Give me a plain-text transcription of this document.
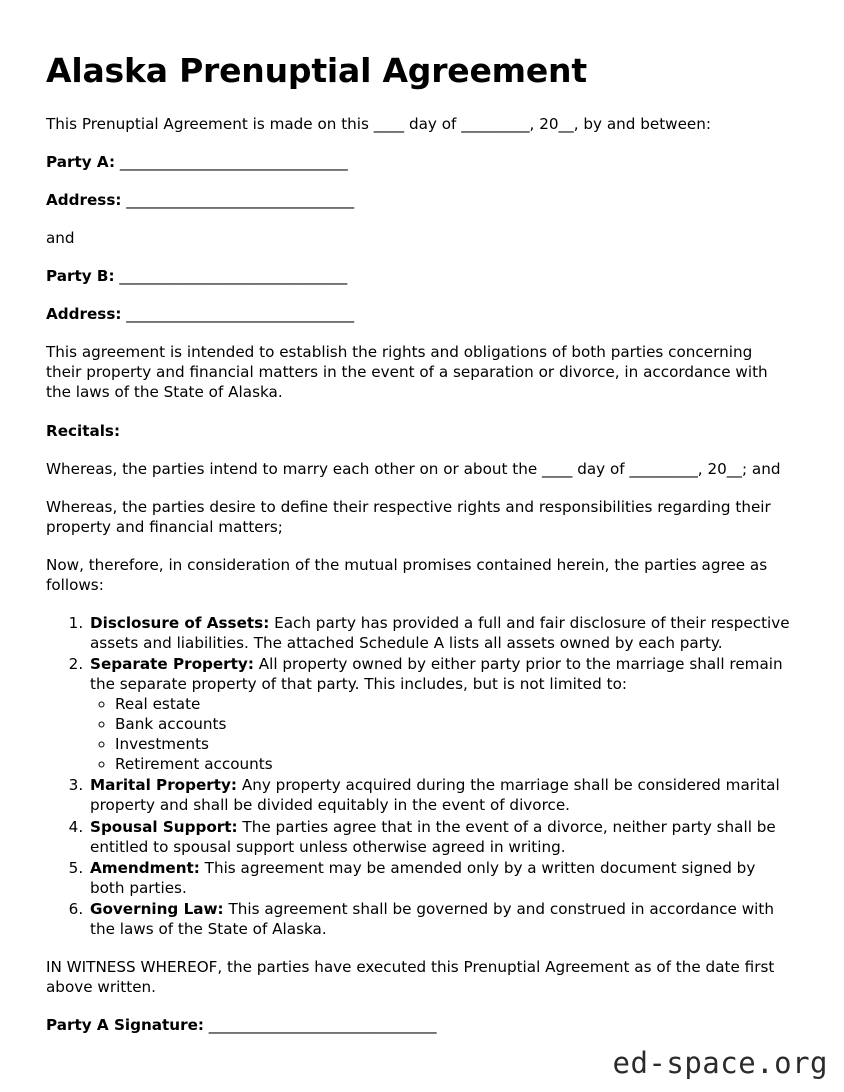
Alaska Prenuptial Agreement

This Prenuptial Agreement is made on this ____ day of _________, 20__, by and between:

Party A: ______________________________
Address: ______________________________

and

Party B: ______________________________
Address: ______________________________

This agreement is intended to establish the rights and obligations of both parties concerning their property and financial matters in the event of a separation or divorce, in accordance with the laws of the State of Alaska.

Recitals:

Whereas, the parties intend to marry each other on or about the ____ day of _________, 20__; and

Whereas, the parties desire to define their respective rights and responsibilities regarding their property and financial matters;

Now, therefore, in consideration of the mutual promises contained herein, the parties agree as follows:

1. Disclosure of Assets: Each party has provided a full and fair disclosure of their respective assets and liabilities. The attached Schedule A lists all assets owned by each party.
2. Separate Property: All property owned by either party prior to the marriage shall remain the separate property of that party. This includes, but is not limited to:
◦ Real estate
◦ Bank accounts
◦ Investments
◦ Retirement accounts
3. Marital Property: Any property acquired during the marriage shall be considered marital property and shall be divided equitably in the event of divorce.
4. Spousal Support: The parties agree that in the event of a divorce, neither party shall be entitled to spousal support unless otherwise agreed in writing.
5. Amendment: This agreement may be amended only by a written document signed by both parties.
6. Governing Law: This agreement shall be governed by and construed in accordance with the laws of the State of Alaska.

IN WITNESS WHEREOF, the parties have executed this Prenuptial Agreement as of the date first above written.

Party A Signature: ______________________________
ed-space.org
